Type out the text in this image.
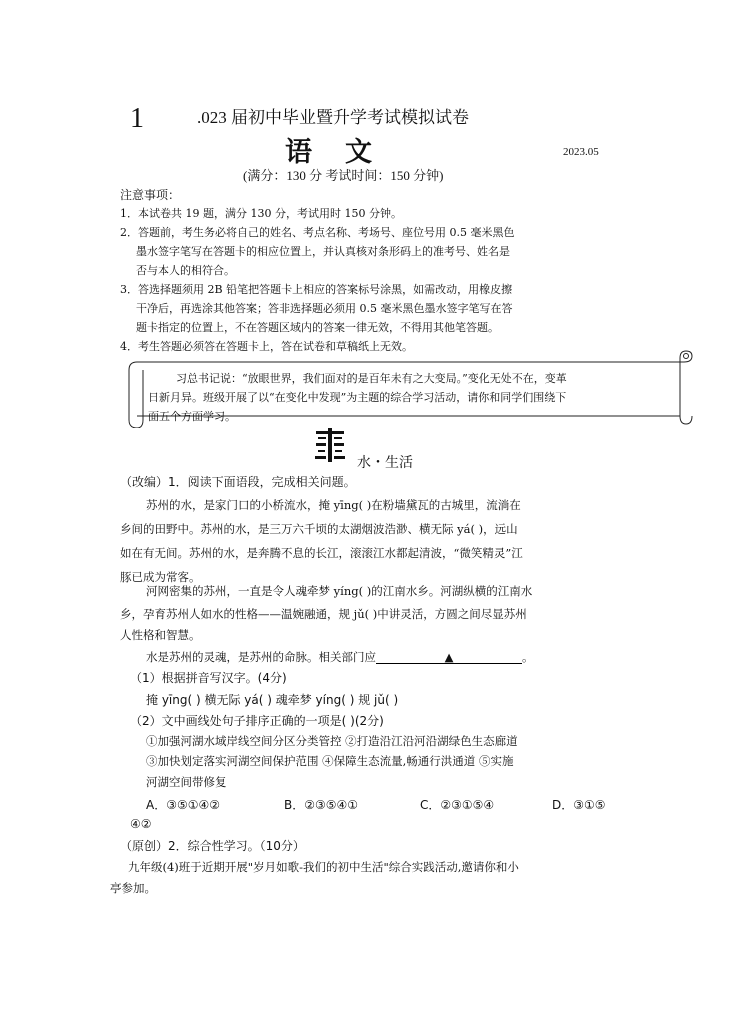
1	.023 届初中毕业暨升学考试模拟试卷
语文	2023.05
(满分：130 分 考试时间：150 分钟)
注意事项：
1．本试卷共 19 题，满分 130 分，考试用时 150 分钟。
2．答题前，考生务必将自己的姓名、考点名称、考场号、座位号用 0.5 毫米黑色
墨水签字笔写在答题卡的相应位置上，并认真核对条形码上的准考号、姓名是
否与本人的相符合。
3．答选择题须用 2B 铅笔把答题卡上相应的答案标号涂黑，如需改动，用橡皮擦
干净后，再选涂其他答案；答非选择题必须用 0.5 毫米黑色墨水签字笔写在答
题卡指定的位置上，不在答题区域内的答案一律无效，不得用其他笔答题。
4．考生答题必须答在答题卡上，答在试卷和草稿纸上无效。
习总书记说：“放眼世界，我们面对的是百年未有之大变局。”变化无处不在，变革
日新月异。班级开展了以“在变化中发现”为主题的综合学习活动，请你和同学们围绕下
面五个方面学习。
水・生活
（改编）1．阅读下面语段，完成相关问题。
苏州的水，是家门口的小桥流水，掩 yīng( )在粉墙黛瓦的古城里，流淌在
乡间的田野中。苏州的水，是三万六千顷的太湖烟波浩渺、横无际 yá( )，远山
如在有无间。苏州的水，是奔腾不息的长江，滚滚江水都起清波，“微笑精灵”江
豚已成为常客。
河网密集的苏州，一直是令人魂牵梦 yíng( )的江南水乡。河湖纵横的江南水
乡，孕育苏州人如水的性格——温婉融通，规 jǔ( )中讲灵活，方圆之间尽显苏州
人性格和智慧。
水是苏州的灵魂，是苏州的命脉。相关部门应	▲	。
（1）根据拼音写汉字。(4分)
掩 yīng( ) 横无际 yá( ) 魂牵梦 yíng( ) 规 jǔ( )
（2）文中画线处句子排序正确的一项是( )(2分)
①加强河湖水域岸线空间分区分类管控 ②打造沿江沿河沿湖绿色生态廊道
③加快划定落实河湖空间保护范围 ④保障生态流量,畅通行洪通道 ⑤实施
河湖空间带修复
A．③⑤①④②	B．②③⑤④①	C．②③①⑤④	D．③①⑤
④②
（原创）2．综合性学习。（10分）
九年级(4)班于近期开展"岁月如歌-我们的初中生活"综合实践活动,邀请你和小
亭参加。
